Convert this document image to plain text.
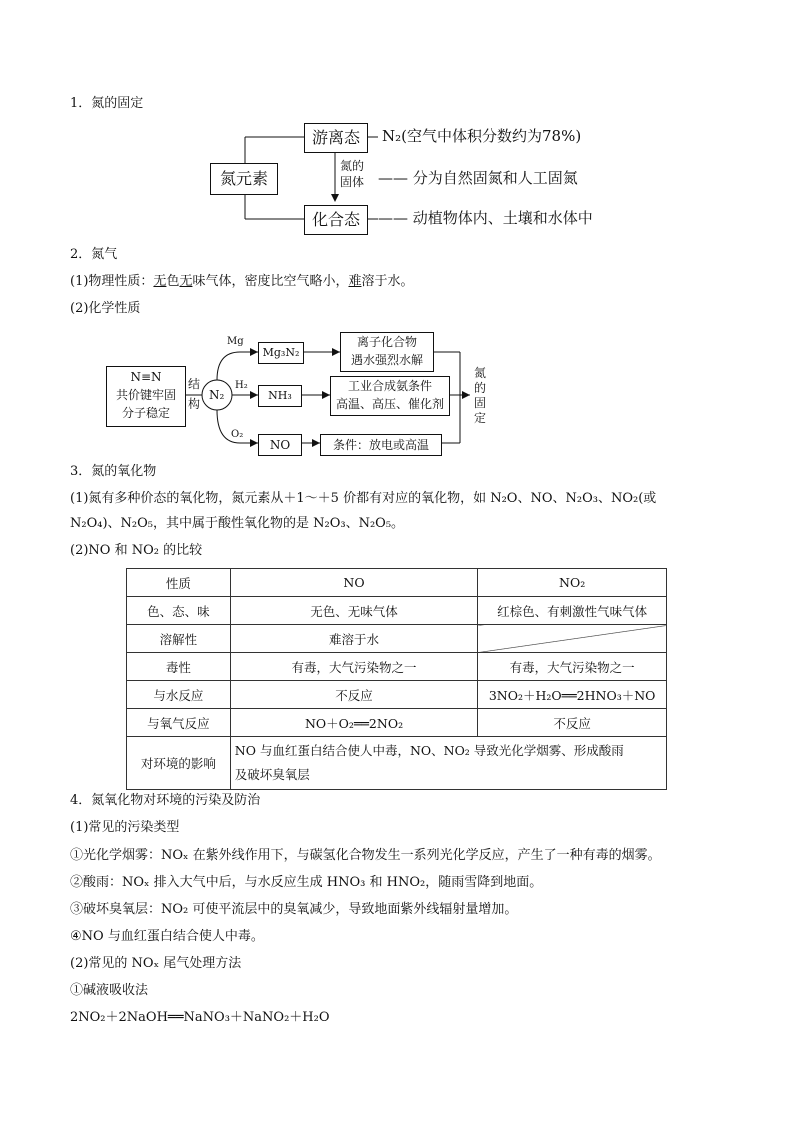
1．氮的固定
氮元素
游离态	N₂(空气中体积分数约为78%)
氮的
固体 —— 分为自然固氮和人工固氮
化合态	—— 动植物体内、土壤和水体中
2．氮气
(1)物理性质：无色无味气体，密度比空气略小，难溶于水。
(2)化学性质
N≡N
共价键牢固
分子稳定
结
构
N₂
Mg
Mg₃N₂
离子化合物
遇水强烈水解
H₂
NH₃
工业合成氨条件
高温、高压、催化剂
O₂
NO	条件：放电或高温
氮
的
固
定
3．氮的氧化物
(1)氮有多种价态的氧化物，氮元素从＋1～＋5 价都有对应的氧化物，如 N₂O、NO、N₂O₃、NO₂(或
N₂O₄)、N₂O₅，其中属于酸性氧化物的是 N₂O₃、N₂O₅。
(2)NO 和 NO₂ 的比较
性质	NO	NO₂
色、态、味	无色、无味气体	红棕色、有刺激性气味气体
溶解性	难溶于水	
毒性	有毒，大气污染物之一	有毒，大气污染物之一
与水反应	不反应	3NO₂＋H₂O══2HNO₃＋NO
与氧气反应	NO＋O₂══2NO₂	不反应
对环境的影响	NO 与血红蛋白结合使人中毒，NO、NO₂ 导致光化学烟雾、形成酸雨
及破坏臭氧层	
4．氮氧化物对环境的污染及防治
(1)常见的污染类型
①光化学烟雾：NOₓ 在紫外线作用下，与碳氢化合物发生一系列光化学反应，产生了一种有毒的烟雾。
②酸雨：NOₓ 排入大气中后，与水反应生成 HNO₃ 和 HNO₂，随雨雪降到地面。
③破坏臭氧层：NO₂ 可使平流层中的臭氧减少，导致地面紫外线辐射量增加。
④NO 与血红蛋白结合使人中毒。
(2)常见的 NOₓ 尾气处理方法
①碱液吸收法
2NO₂＋2NaOH══NaNO₃＋NaNO₂＋H₂O
